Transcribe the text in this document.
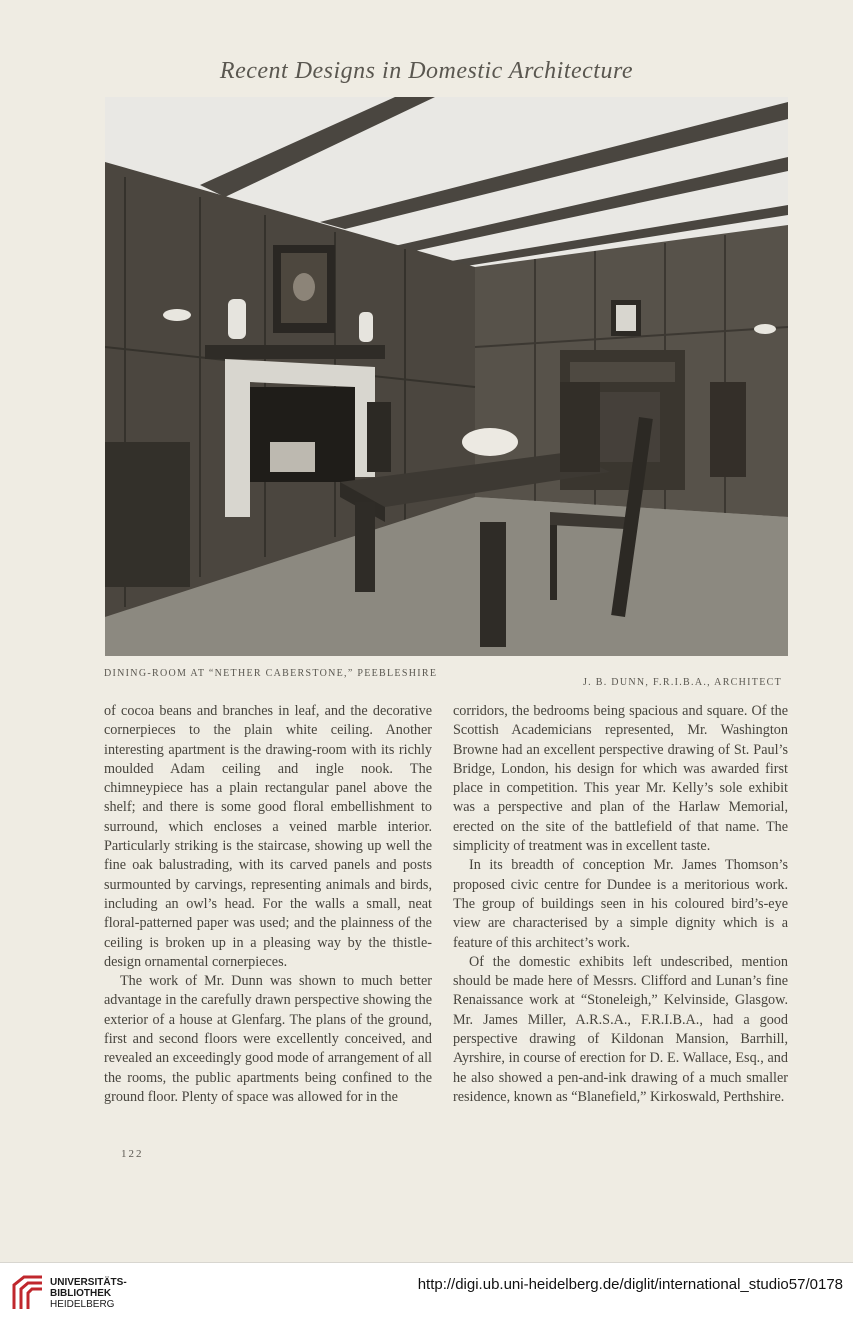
Recent Designs in Domestic Architecture
DINING-ROOM AT “NETHER CABERSTONE,” PEEBLESHIRE
J. B. DUNN, F.R.I.B.A., ARCHITECT

of cocoa beans and branches in leaf, and the decorative cornerpieces to the plain white ceiling. Another interesting apartment is the drawing-room with its richly moulded Adam ceiling and ingle nook. The chimneypiece has a plain rectangular panel above the shelf; and there is some good floral embellishment to surround, which encloses a veined marble interior. Particularly striking is the staircase, showing up well the fine oak balustrading, with its carved panels and posts surmounted by carvings, representing animals and birds, including an owl’s head. For the walls a small, neat floral-patterned paper was used; and the plainness of the ceiling is broken up in a pleasing way by the thistle-design ornamental cornerpieces.

The work of Mr. Dunn was shown to much better advantage in the carefully drawn perspective showing the exterior of a house at Glenfarg. The plans of the ground, first and second floors were excellently conceived, and revealed an exceedingly good mode of arrangement of all the rooms, the public apartments being confined to the ground floor. Plenty of space was allowed for in the

corridors, the bedrooms being spacious and square. Of the Scottish Academicians represented, Mr. Washington Browne had an excellent perspective drawing of St. Paul’s Bridge, London, his design for which was awarded first place in competition. This year Mr. Kelly’s sole exhibit was a perspective and plan of the Harlaw Memorial, erected on the site of the battlefield of that name. The simplicity of treatment was in excellent taste.

In its breadth of conception Mr. James Thomson’s proposed civic centre for Dundee is a meritorious work. The group of buildings seen in his coloured bird’s-eye view are characterised by a simple dignity which is a feature of this architect’s work.

Of the domestic exhibits left undescribed, mention should be made here of Messrs. Clifford and Lunan’s fine Renaissance work at “Stoneleigh,” Kelvinside, Glasgow. Mr. James Miller, A.R.S.A., F.R.I.B.A., had a good perspective drawing of Kildonan Mansion, Barrhill, Ayrshire, in course of erection for D. E. Wallace, Esq., and he also showed a pen-and-ink drawing of a much smaller residence, known as “Blanefield,” Kirkoswald, Perthshire.

122
UNIVERSITÄTS-
BIBLIOTHEK
HEIDELBERG
http://digi.ub.uni-heidelberg.de/diglit/international_studio57/0178
